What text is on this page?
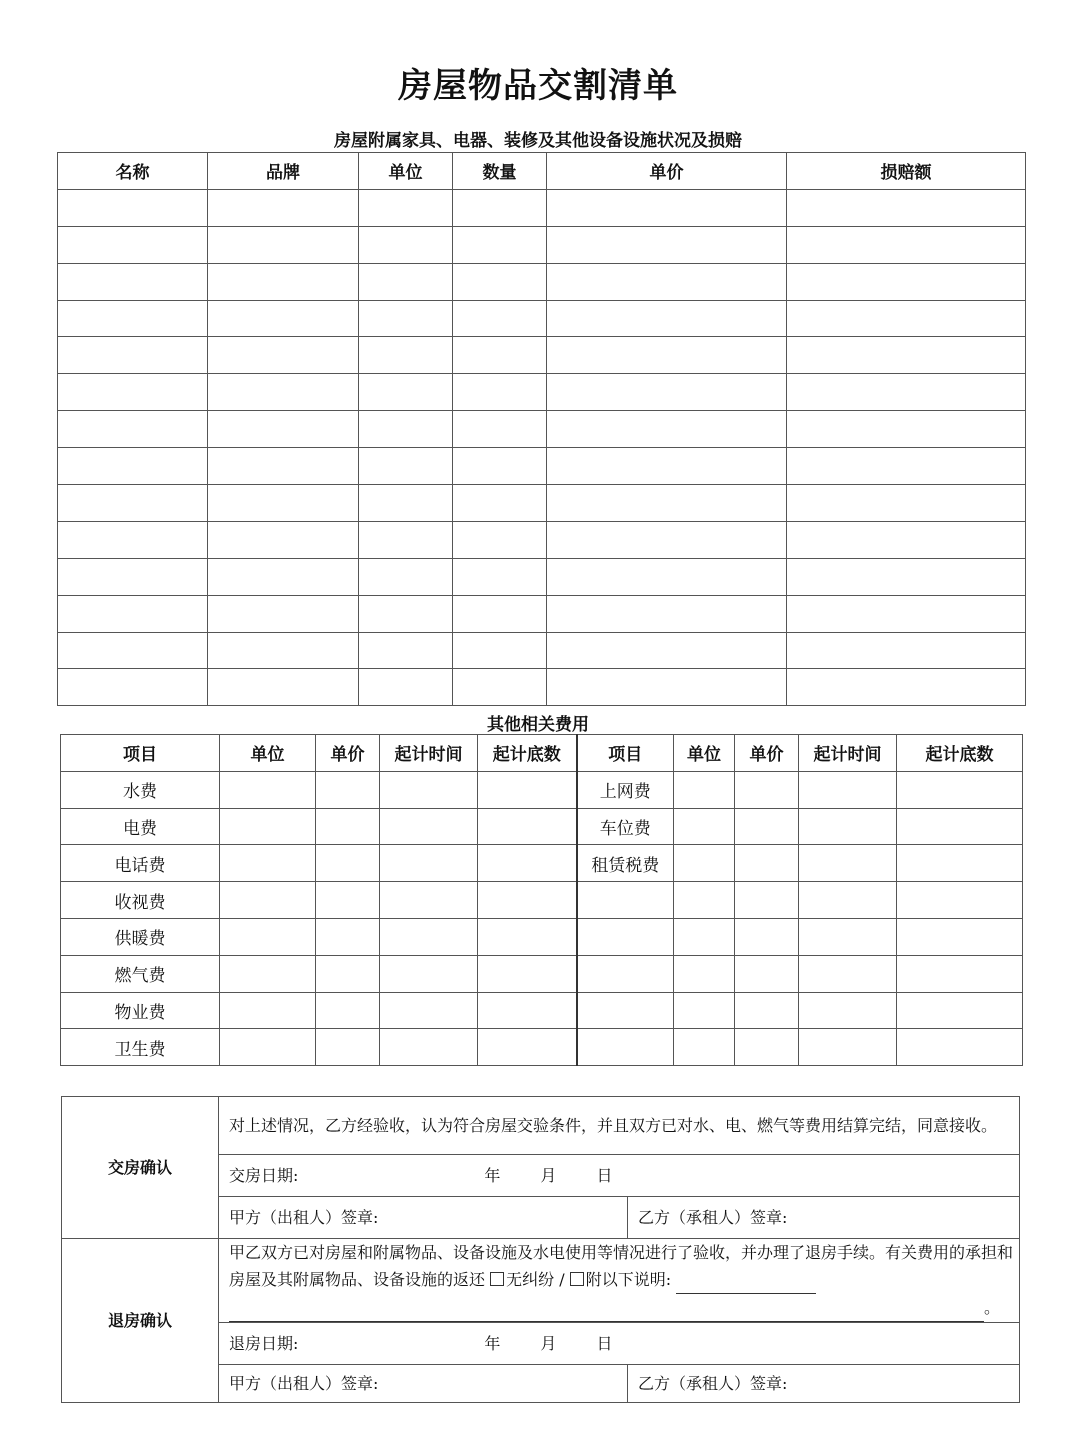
房屋物品交割清单
房屋附属家具、电器、装修及其他设备设施状况及损赔
名称	品牌	单位	数量	单价	损赔额

其他相关费用
项目	单位	单价	起计时间	起计底数	项目	单位	单价	起计时间	起计底数
水费					上网费				
电费					车位费				
电话费					租赁税费				
收视费									
供暖费									
燃气费									
物业费									
卫生费									
交房确认	对上述情况，乙方经验收，认为符合房屋交验条件，并且双方已对水、电、燃气等费用结算完结，同意接收。	
	交房日期: 年 月 日	
	甲方（出租人）签章:	乙方（承租人）签章:
退房确认	甲乙双方已对房屋和附属物品、设备设施及水电使用等情况进行了验收，并办理了退房手续。有关费用的承担和房屋及其附属物品、设备设施的返还 无纠纷 / 附以下说明:
。	
	退房日期: 年 月 日	
	甲方（出租人）签章:	乙方（承租人）签章:
